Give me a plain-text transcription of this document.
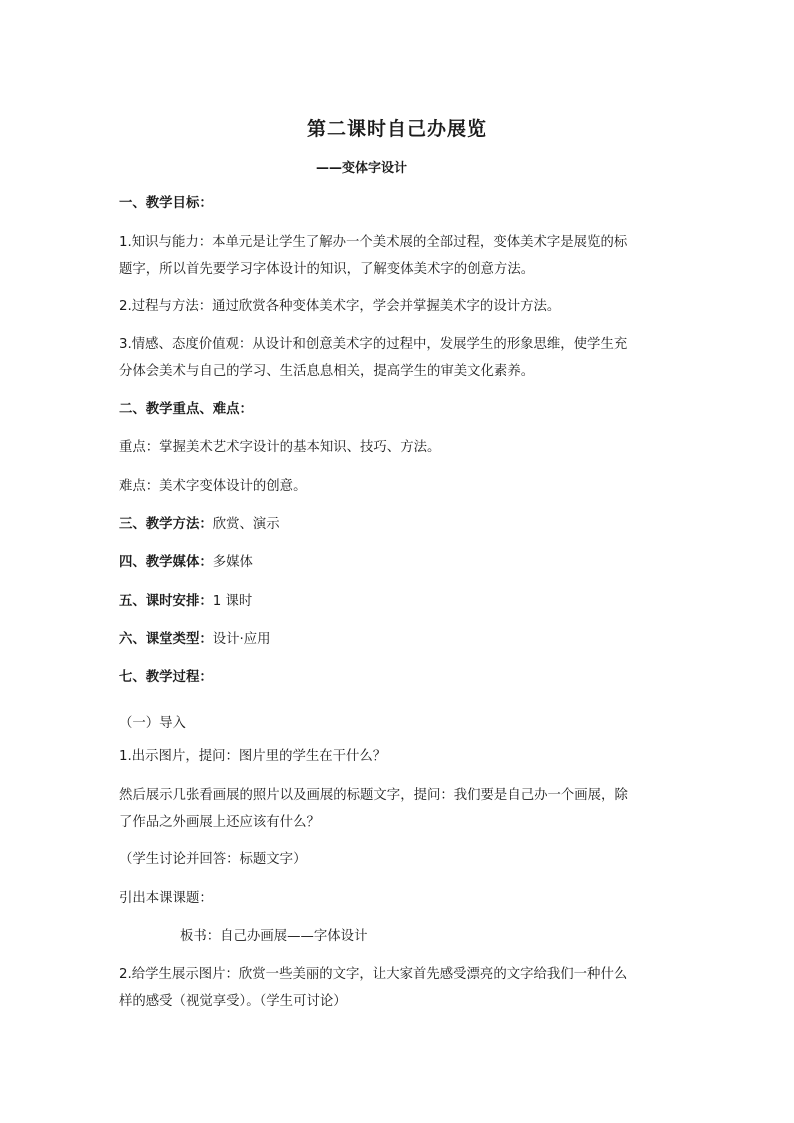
第二课时自己办展览
——变体字设计
一、教学目标：
1.知识与能力：本单元是让学生了解办一个美术展的全部过程，变体美术字是展览的标
题字，所以首先要学习字体设计的知识，了解变体美术字的创意方法。
2.过程与方法：通过欣赏各种变体美术字，学会并掌握美术字的设计方法。
3.情感、态度价值观：从设计和创意美术字的过程中，发展学生的形象思维，使学生充
分体会美术与自己的学习、生活息息相关，提高学生的审美文化素养。
二、教学重点、难点：
重点：掌握美术艺术字设计的基本知识、技巧、方法。
难点：美术字变体设计的创意。
三、教学方法：欣赏、演示
四、教学媒体：多媒体
五、课时安排：1 课时
六、课堂类型：设计·应用
七、教学过程：
（一）导入
1.出示图片，提问：图片里的学生在干什么？
然后展示几张看画展的照片以及画展的标题文字，提问：我们要是自己办一个画展，除
了作品之外画展上还应该有什么？
（学生讨论并回答：标题文字）
引出本课课题：
板书：自己办画展——字体设计
2.给学生展示图片：欣赏一些美丽的文字，让大家首先感受漂亮的文字给我们一种什么
样的感受（视觉享受）。（学生可讨论）
